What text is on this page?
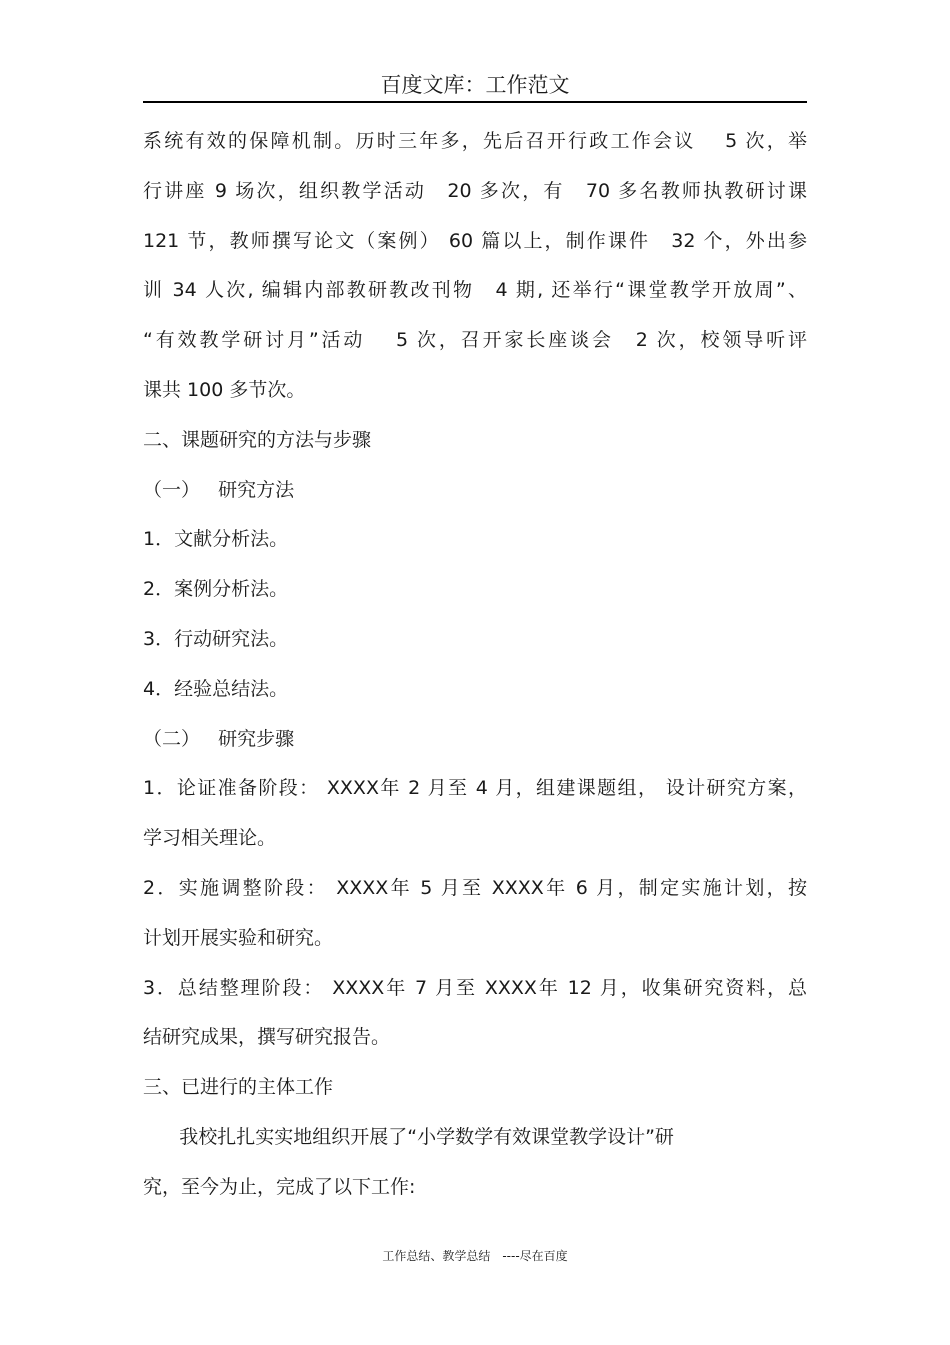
百度文库：工作范文
系统有效的保障机制。历时三年多，先后召开行政工作会议　 5 次，举
行讲座 9 场次，组织教学活动　20 多次，有　70 多名教师执教研讨课
121 节，教师撰写论文（案例） 60 篇以上，制作课件　32 个，外出参
训 34 人次, 编辑内部教研教改刊物　4 期, 还举行“课堂教学开放周”、
“有效教学研讨月”活动　 5 次，召开家长座谈会　2 次，校领导听评
课共 100 多节次。
二、课题研究的方法与步骤
（一）   研究方法
1．文献分析法。
2．案例分析法。
3．行动研究法。
4．经验总结法。
（二）   研究步骤
1．论证准备阶段： XXXX年 2 月至 4 月，组建课题组， 设计研究方案，
学习相关理论。
2．实施调整阶段： XXXX年 5 月至 XXXX年 6 月，制定实施计划，按
计划开展实验和研究。
3．总结整理阶段： XXXX年 7 月至 XXXX年 12 月，收集研究资料，总
结研究成果，撰写研究报告。
三、已进行的主体工作
我校扎扎实实地组织开展了“小学数学有效课堂教学设计”研
究，至今为止，完成了以下工作:
工作总结、教学总结　----尽在百度
